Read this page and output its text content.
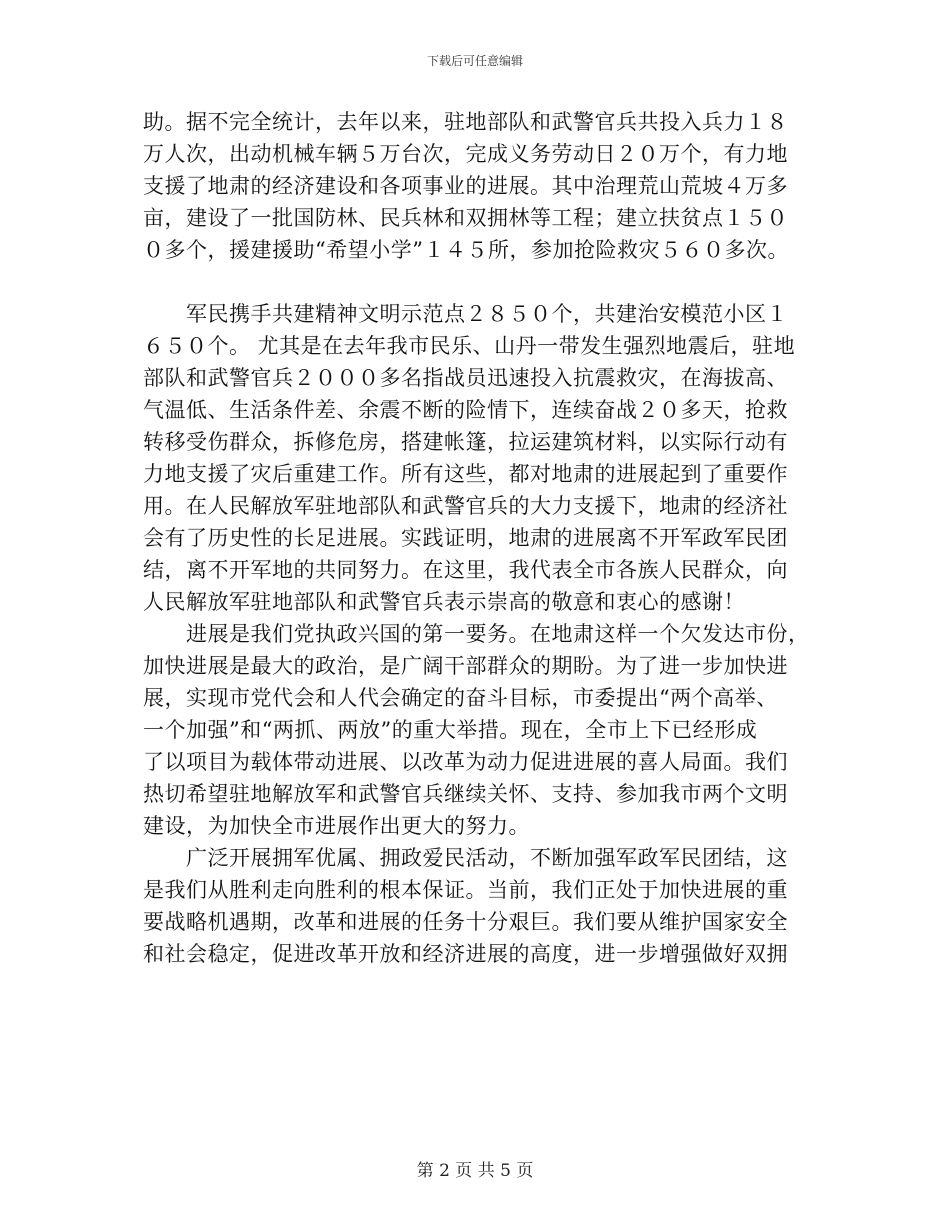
下载后可任意编辑
助。据不完全统计，去年以来，驻地部队和武警官兵共投入兵力１８
万人次，出动机械车辆５万台次，完成义务劳动日２０万个，有力地
支援了地肃的经济建设和各项事业的进展。其中治理荒山荒坡４万多
亩，建设了一批国防林、民兵林和双拥林等工程；建立扶贫点１５０
０多个，援建援助“希望小学”１４５所，参加抢险救灾５６０多次。
　　军民携手共建精神文明示范点２８５０个，共建治安模范小区１
６５０个。 尤其是在去年我市民乐、山丹一带发生强烈地震后，驻地
部队和武警官兵２０００多名指战员迅速投入抗震救灾，在海拔高、
气温低、生活条件差、余震不断的险情下，连续奋战２０多天，抢救
转移受伤群众，拆修危房，搭建帐篷，拉运建筑材料，以实际行动有
力地支援了灾后重建工作。所有这些，都对地肃的进展起到了重要作
用。在人民解放军驻地部队和武警官兵的大力支援下，地肃的经济社
会有了历史性的长足进展。实践证明，地肃的进展离不开军政军民团
结，离不开军地的共同努力。在这里，我代表全市各族人民群众，向
人民解放军驻地部队和武警官兵表示崇高的敬意和衷心的感谢！
　　进展是我们党执政兴国的第一要务。在地肃这样一个欠发达市份，
加快进展是最大的政治，是广阔干部群众的期盼。为了进一步加快进
展，实现市党代会和人代会确定的奋斗目标，市委提出“两个高举、
一个加强”和“两抓、两放”的重大举措。现在，全市上下已经形成
了以项目为载体带动进展、以改革为动力促进进展的喜人局面。我们
热切希望驻地解放军和武警官兵继续关怀、支持、参加我市两个文明
建设，为加快全市进展作出更大的努力。
　　广泛开展拥军优属、拥政爱民活动，不断加强军政军民团结，这
是我们从胜利走向胜利的根本保证。当前，我们正处于加快进展的重
要战略机遇期，改革和进展的任务十分艰巨。我们要从维护国家安全
和社会稳定，促进改革开放和经济进展的高度，进一步增强做好双拥
第 2 页 共 5 页
